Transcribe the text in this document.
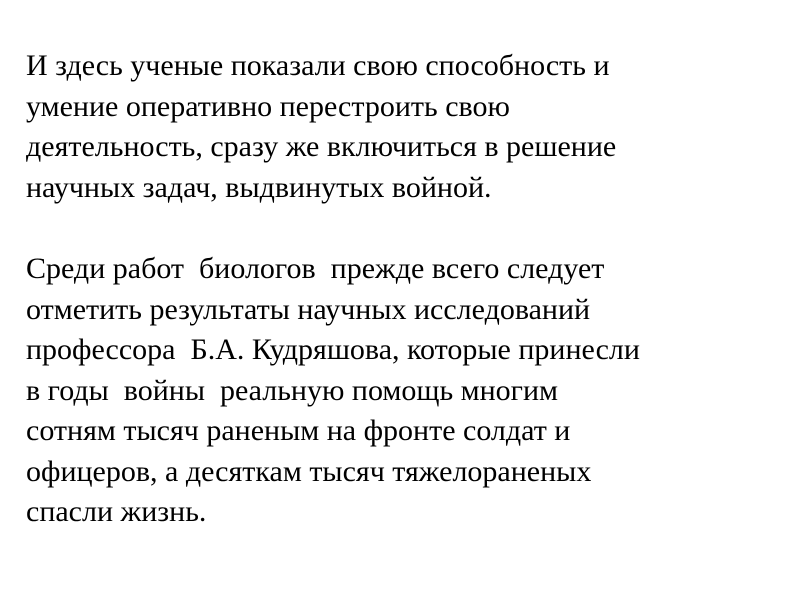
И здесь ученые показали свою способность и
умение оперативно перестроить свою
деятельность, сразу же включиться в решение
научных задач, выдвинутых войной.

Среди работ  биологов  прежде всего следует
отметить результаты научных исследований
профессора  Б.А. Кудряшова, которые принесли
в годы  войны  реальную помощь многим
сотням тысяч раненым на фронте солдат и
офицеров, а десяткам тысяч тяжелораненых
спасли жизнь.
